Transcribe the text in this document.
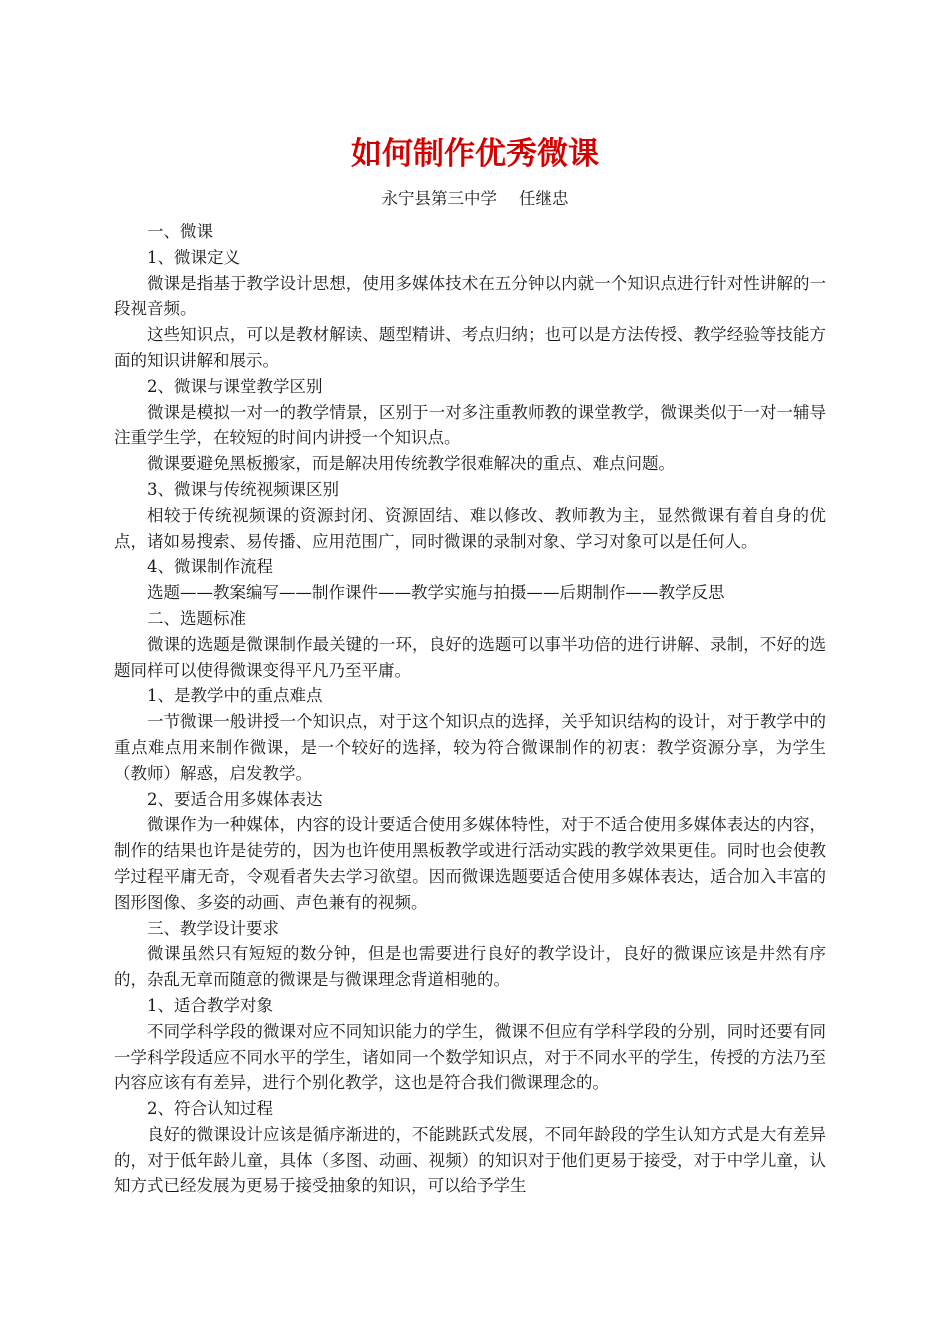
如何制作优秀微课

永宁县第三中学 任继忠

一、微课

1、微课定义

微课是指基于教学设计思想，使用多媒体技术在五分钟以内就一个知识点进行针对性讲解的一段视音频。

这些知识点，可以是教材解读、题型精讲、考点归纳；也可以是方法传授、教学经验等技能方面的知识讲解和展示。

2、微课与课堂教学区别

微课是模拟一对一的教学情景，区别于一对多注重教师教的课堂教学，微课类似于一对一辅导注重学生学，在较短的时间内讲授一个知识点。

微课要避免黑板搬家，而是解决用传统教学很难解决的重点、难点问题。

3、微课与传统视频课区别

相较于传统视频课的资源封闭、资源固结、难以修改、教师教为主，显然微课有着自身的优点，诸如易搜索、易传播、应用范围广，同时微课的录制对象、学习对象可以是任何人。

4、微课制作流程

选题——教案编写——制作课件——教学实施与拍摄——后期制作——教学反思

二、选题标准

微课的选题是微课制作最关键的一环，良好的选题可以事半功倍的进行讲解、录制，不好的选题同样可以使得微课变得平凡乃至平庸。

1、是教学中的重点难点

一节微课一般讲授一个知识点，对于这个知识点的选择，关乎知识结构的设计，对于教学中的重点难点用来制作微课，是一个较好的选择，较为符合微课制作的初衷：教学资源分享，为学生（教师）解惑，启发教学。

2、要适合用多媒体表达

微课作为一种媒体，内容的设计要适合使用多媒体特性，对于不适合使用多媒体表达的内容，制作的结果也许是徒劳的，因为也许使用黑板教学或进行活动实践的教学效果更佳。同时也会使教学过程平庸无奇，令观看者失去学习欲望。因而微课选题要适合使用多媒体表达，适合加入丰富的图形图像、多姿的动画、声色兼有的视频。

三、教学设计要求

微课虽然只有短短的数分钟，但是也需要进行良好的教学设计，良好的微课应该是井然有序的，杂乱无章而随意的微课是与微课理念背道相驰的。

1、适合教学对象

不同学科学段的微课对应不同知识能力的学生，微课不但应有学科学段的分别，同时还要有同一学科学段适应不同水平的学生，诸如同一个数学知识点，对于不同水平的学生，传授的方法乃至内容应该有有差异，进行个别化教学，这也是符合我们微课理念的。

2、符合认知过程

良好的微课设计应该是循序渐进的，不能跳跃式发展，不同年龄段的学生认知方式是大有差异的，对于低年龄儿童，具体（多图、动画、视频）的知识对于他们更易于接受，对于中学儿童，认知方式已经发展为更易于接受抽象的知识，可以给予学生
